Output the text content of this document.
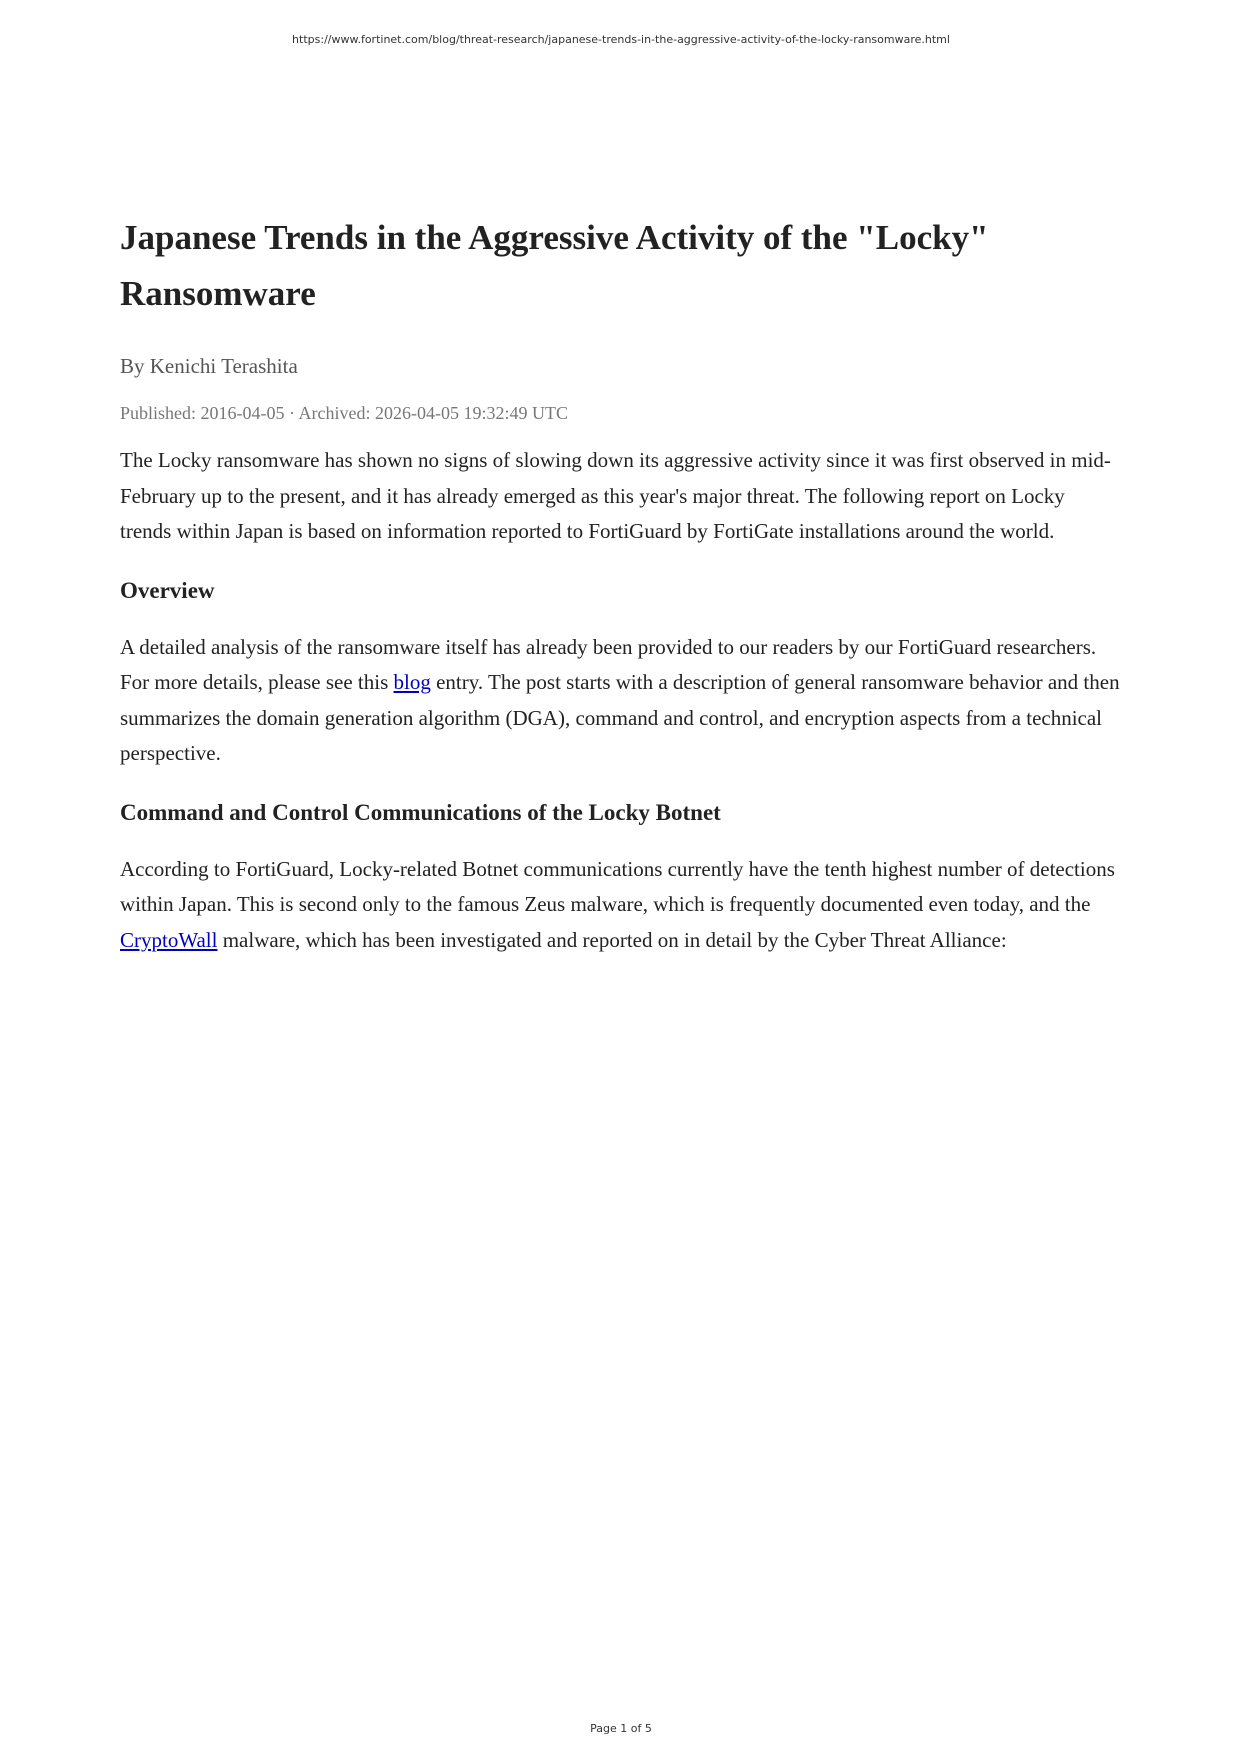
https://www.fortinet.com/blog/threat-research/japanese-trends-in-the-aggressive-activity-of-the-locky-ransomware.html
Japanese Trends in the Aggressive Activity of the "Locky" Ransomware
By Kenichi Terashita
Published: 2016-04-05 · Archived: 2026-04-05 19:32:49 UTC

The Locky ransomware has shown no signs of slowing down its aggressive activity since it was first observed in mid-February up to the present, and it has already emerged as this year's major threat. The following report on Locky trends within Japan is based on information reported to FortiGuard by FortiGate installations around the world.

Overview

A detailed analysis of the ransomware itself has already been provided to our readers by our FortiGuard researchers. For more details, please see this blog entry. The post starts with a description of general ransomware behavior and then summarizes the domain generation algorithm (DGA), command and control, and encryption aspects from a technical perspective.

Command and Control Communications of the Locky Botnet

According to FortiGuard, Locky-related Botnet communications currently have the tenth highest number of detections within Japan. This is second only to the famous Zeus malware, which is frequently documented even today, and the CryptoWall malware, which has been investigated and reported on in detail by the Cyber Threat Alliance:

Page 1 of 5
